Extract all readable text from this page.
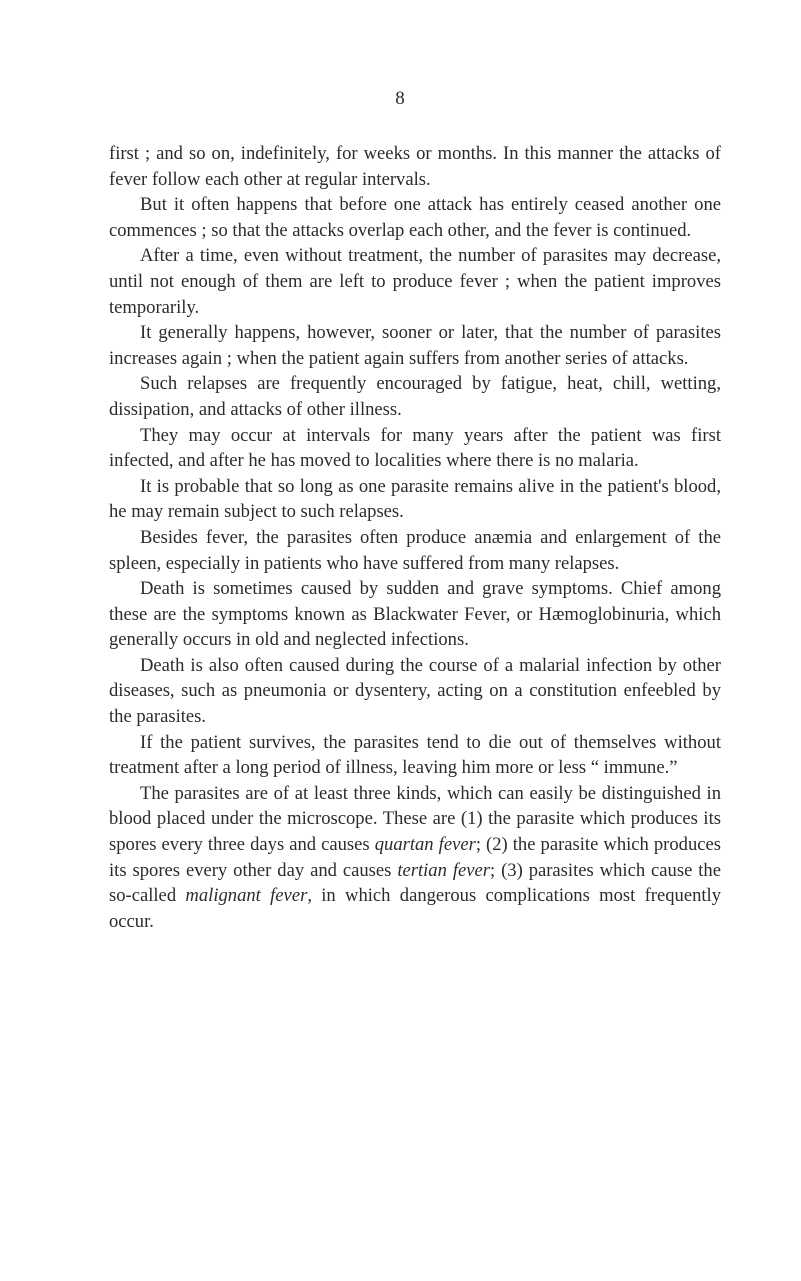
8

first ; and so on, indefinitely, for weeks or months. In this manner the attacks of fever follow each other at regular intervals.

But it often happens that before one attack has entirely ceased another one commences ; so that the attacks overlap each other, and the fever is continued.

After a time, even without treatment, the number of parasites may decrease, until not enough of them are left to produce fever ; when the patient improves temporarily.

It generally happens, however, sooner or later, that the number of parasites increases again ; when the patient again suffers from another series of attacks.

Such relapses are frequently encouraged by fatigue, heat, chill, wetting, dissipation, and attacks of other illness.

They may occur at intervals for many years after the patient was first infected, and after he has moved to localities where there is no malaria.

It is probable that so long as one parasite remains alive in the patient's blood, he may remain subject to such relapses.

Besides fever, the parasites often produce anæmia and enlargement of the spleen, especially in patients who have suffered from many relapses.

Death is sometimes caused by sudden and grave symptoms. Chief among these are the symptoms known as Blackwater Fever, or Hæmoglobinuria, which generally occurs in old and neglected infections.

Death is also often caused during the course of a malarial infection by other diseases, such as pneumonia or dysentery, acting on a constitution enfeebled by the parasites.

If the patient survives, the parasites tend to die out of themselves without treatment after a long period of illness, leaving him more or less “ immune.”

The parasites are of at least three kinds, which can easily be distinguished in blood placed under the microscope. These are (1) the parasite which produces its spores every three days and causes quartan fever; (2) the parasite which produces its spores every other day and causes tertian fever; (3) parasites which cause the so-called malignant fever, in which dangerous complications most frequently occur.
